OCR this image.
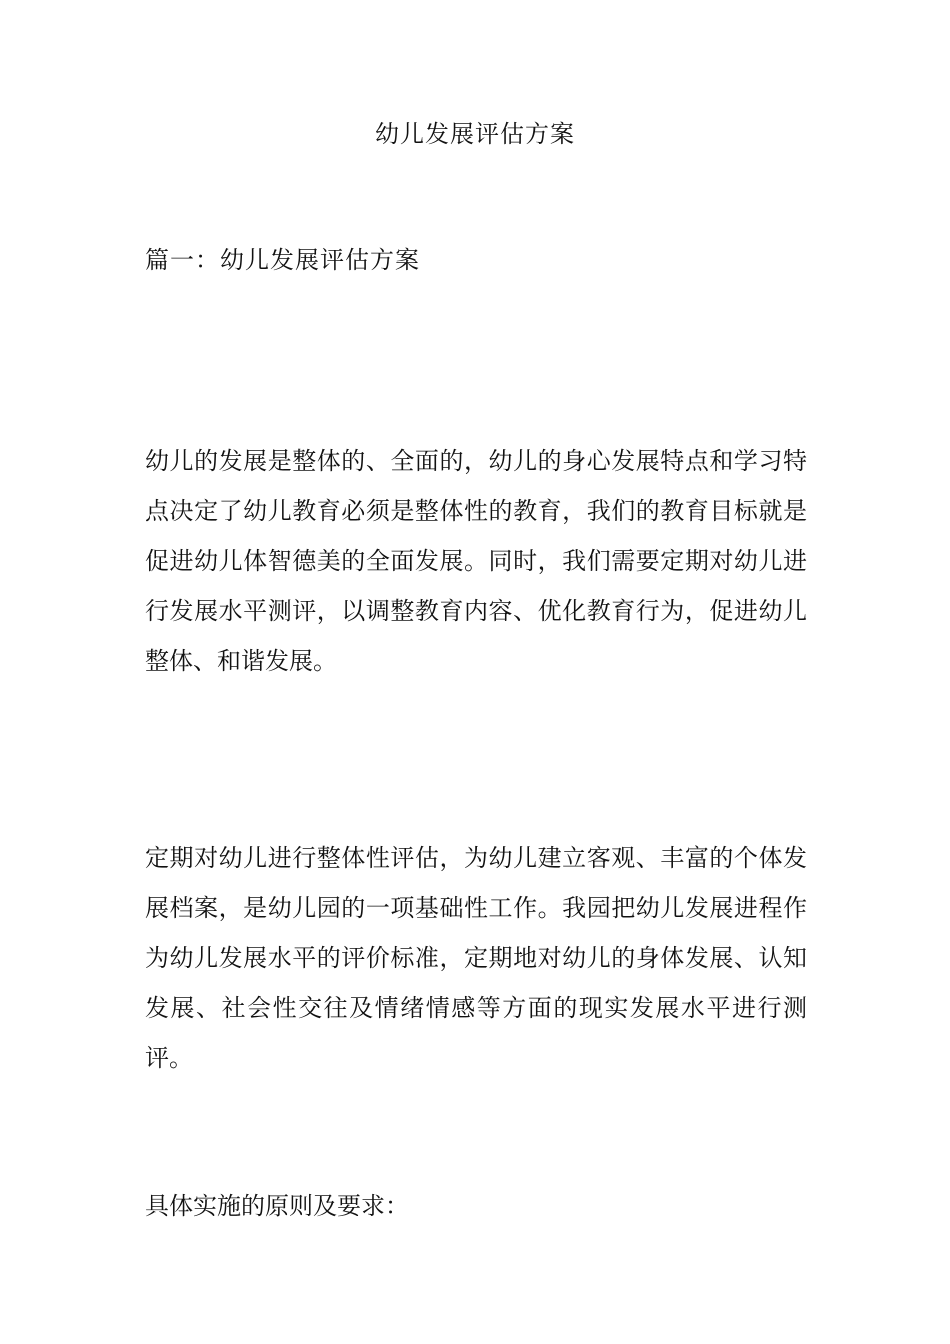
幼儿发展评估方案
篇一：幼儿发展评估方案

幼儿的发展是整体的、全面的，幼儿的身心发展特点和学习特点决定了幼儿教育必须是整体性的教育，我们的教育目标就是促进幼儿体智德美的全面发展。同时，我们需要定期对幼儿进行发展水平测评，以调整教育内容、优化教育行为，促进幼儿整体、和谐发展。

定期对幼儿进行整体性评估，为幼儿建立客观、丰富的个体发展档案，是幼儿园的一项基础性工作。我园把幼儿发展进程作为幼儿发展水平的评价标准，定期地对幼儿的身体发展、认知发展、社会性交往及情绪情感等方面的现实发展水平进行测评。

具体实施的原则及要求：
